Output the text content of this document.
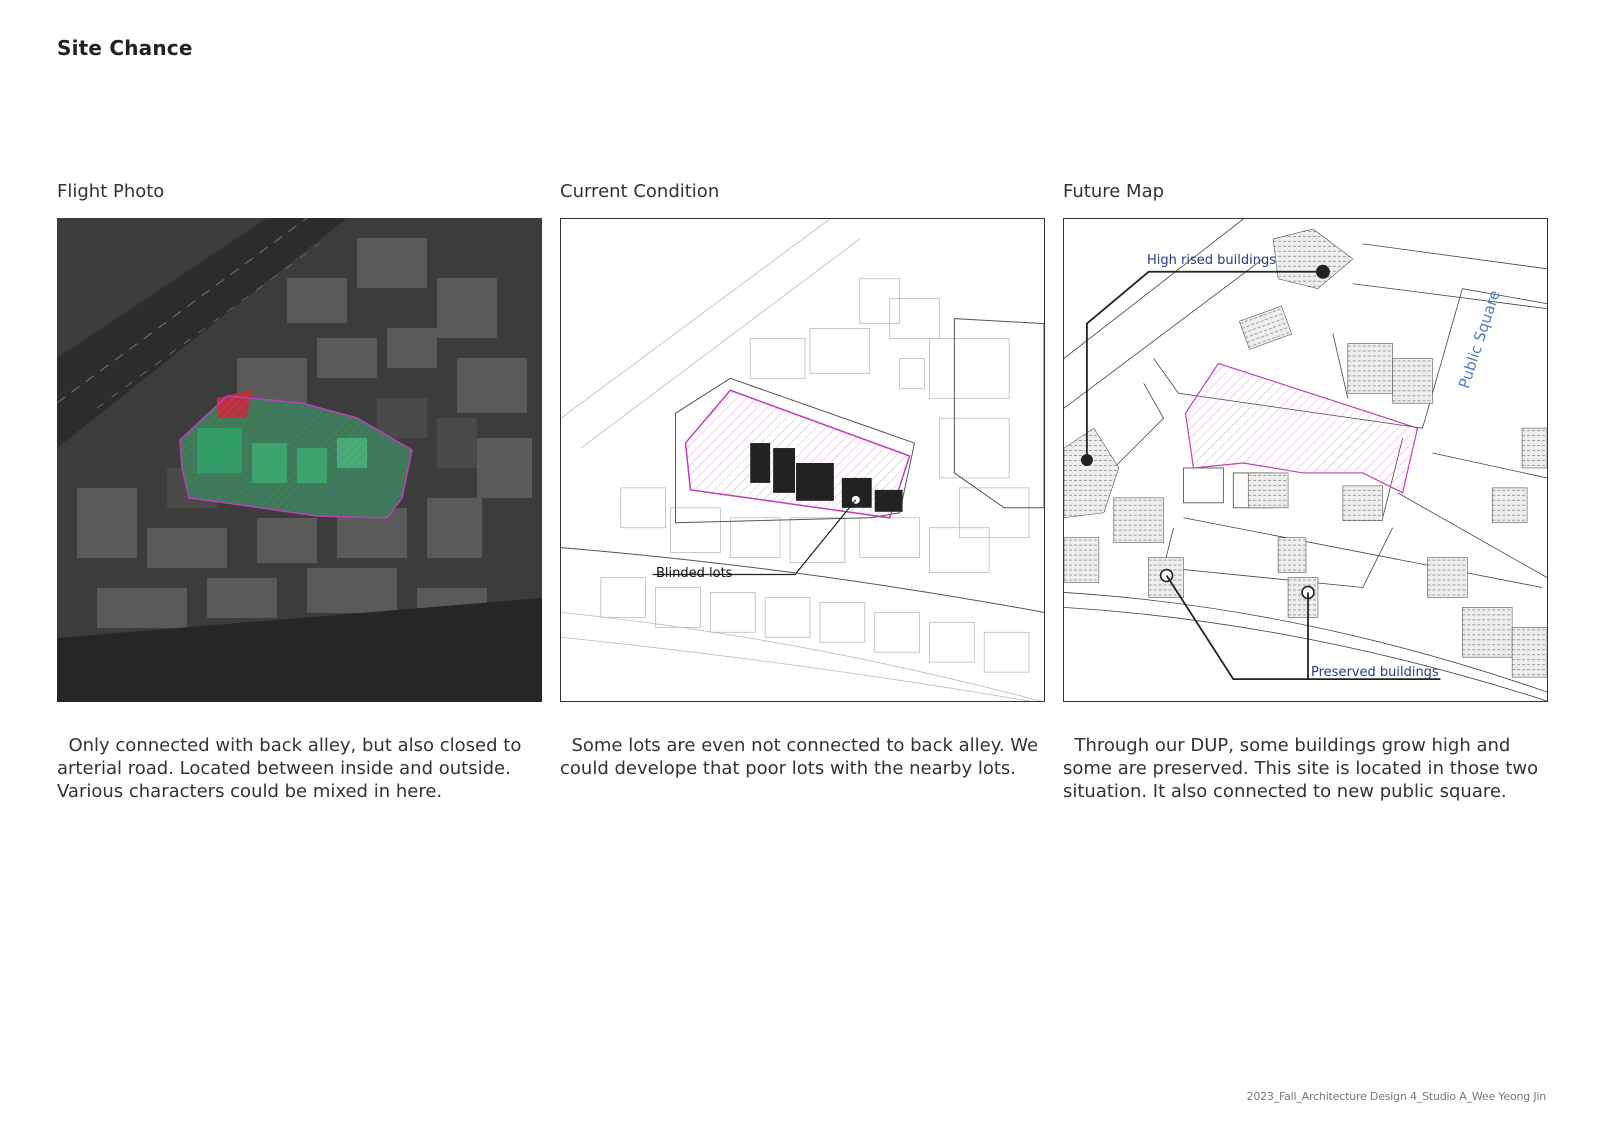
Site Chance
Flight Photo	Current Condition	Future Map
Blinded lots
High rised buildings
Preserved buildings
Public Square
Only connected with back alley, but also closed to arterial road. Located between inside and outside. Various characters could be mixed in here.
Some lots are even not connected to back alley. We could develope that poor lots with the nearby lots.
Through our DUP, some buildings grow high and some are preserved. This site is located in those two situation. It also connected to new public square.
2023_Fall_Architecture Design 4_Studio A_Wee Yeong Jin
